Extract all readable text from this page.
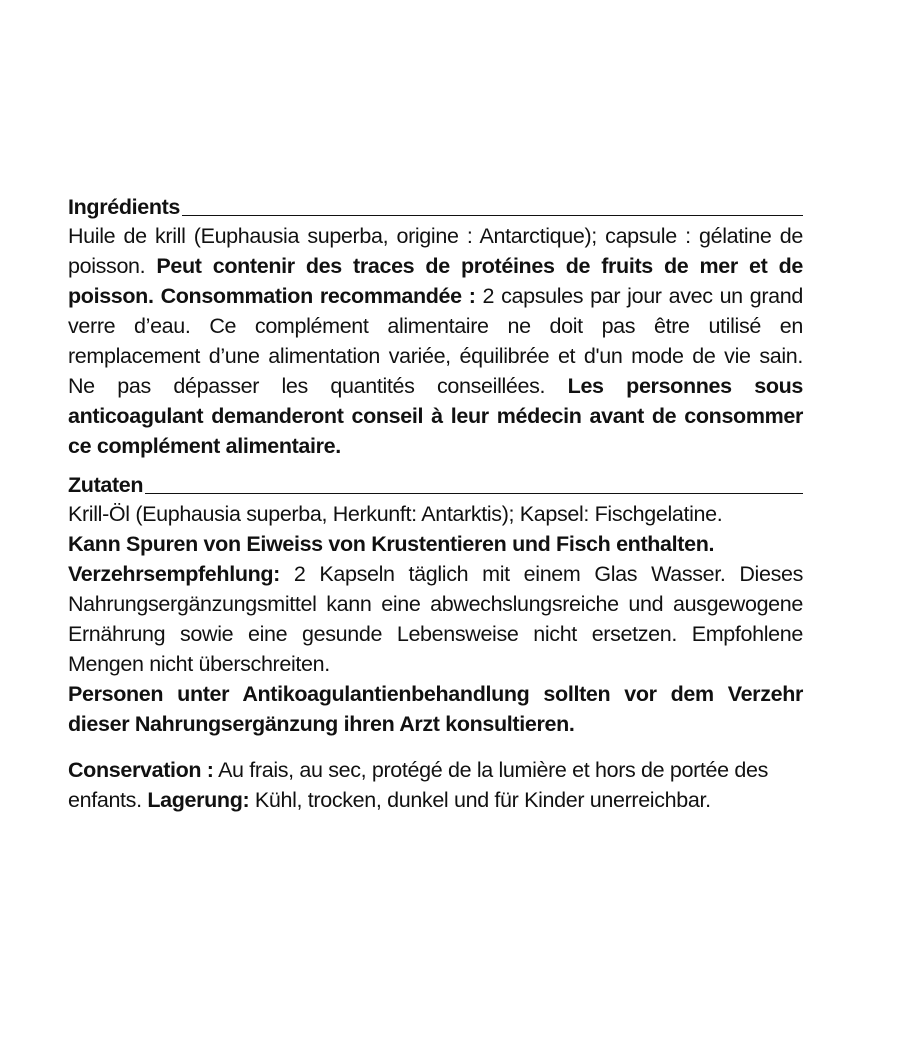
Ingrédients

Huile de krill (Euphausia superba, origine : Antarctique); capsule : gélatine de poisson. Peut contenir des traces de protéines de fruits de mer et de poisson. Consommation recommandée : 2 capsules par jour avec un grand verre d’eau. Ce complément alimentaire ne doit pas être utilisé en remplacement d’une alimentation variée, équilibrée et d'un mode de vie sain. Ne pas dépasser les quantités conseillées. Les personnes sous anticoagulant demanderont conseil à leur médecin avant de consommer ce complément alimentaire.

Zutaten

Krill-Öl (Euphausia superba, Herkunft: Antarktis); Kapsel: Fischgelatine.

Kann Spuren von Eiweiss von Krustentieren und Fisch enthalten.

Verzehrsempfehlung: 2 Kapseln täglich mit einem Glas Wasser. Dieses Nahrungsergänzungsmittel kann eine abwechslungsreiche und ausgewogene Ernährung sowie eine gesunde Lebensweise nicht ersetzen. Empfohlene Mengen nicht überschreiten.

Personen unter Antikoagulantienbehandlung sollten vor dem Verzehr dieser Nahrungsergänzung ihren Arzt konsultieren.

Conservation : Au frais, au sec, protégé de la lumière et hors de portée des enfants. Lagerung: Kühl, trocken, dunkel und für Kinder unerreichbar.
